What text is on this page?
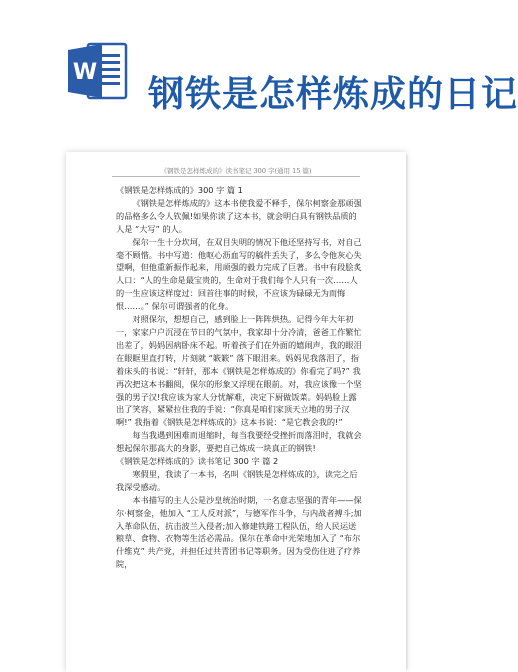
W
钢铁是怎样炼成的日记
《钢铁是怎样炼成的》读书笔记 300 字(通用 15 篇)

《钢铁是怎样炼成的》300 字 篇 1

《钢铁是怎样炼成的》这本书使我爱不释手，保尔柯察金那顽强的品格多么令人钦佩!如果你读了这本书，就会明白具有钢铁品质的人是 “大写” 的人。

保尔一生十分坎坷，在双目失明的情况下他还坚持写书，对自己毫不顾惜。书中写道：他呕心沥血写的稿件丢失了，多么令他灰心失望啊，但他重新振作起来，用顽强的毅力完成了巨著。书中有段脍炙人口：“人的生命是最宝贵的，生命对于我们每个人只有一次……人的一生应该这样度过：回首往事的时候，不应该为碌碌无为而悔恨……。” 保尔可谓强者的化身。

对照保尔，想想自己，感到脸上一阵阵烘热。记得今年大年初一，家家户户沉浸在节日的气氛中，我家却十分冷清，爸爸工作繁忙出差了，妈妈因病卧床不起。听着孩子们在外面的嬉闹声，我的眼泪在眼眶里直打转，片刻就 “簌簌” 落下眼泪来。妈妈见我落泪了，指着床头的书说：“轩轩，那本《钢铁是怎样炼成的》你看完了吗?” 我再次把这本书翻阅，保尔的形象又浮现在眼前。对，我应该像一个坚强的男子汉!我应该为家人分忧解难，决定下厨做饭菜。妈妈脸上露出了笑容，紧紧拉住我的手说：“你真是咱们家顶天立地的男子汉啊!” 我指着《钢铁是怎样炼成的》这本书说：“是它教会我的!”

每当我遇到困难而退缩时，每当我要经受挫折而落泪时，我就会想起保尔那高大的身影，要把自己炼成一块真正的钢铁!

《钢铁是怎样炼成的》读书笔记 300 字 篇 2

寒假里，我读了一本书，名叫《钢铁是怎样炼成的》，读完之后我深受感动。

本书描写的主人公是沙皇统治时期，一名意志坚强的青年——保尔·柯察金，他加入 “工人反对派”，与德军作斗争，与内战者搏斗;加入革命队伍，抗击波兰入侵者;加入修建铁路工程队伍，给人民运送粮草、食物、衣物等生活必需品。保尔在革命中光荣地加入了 “布尔什维克” 共产党，并担任过共青团书记等职务。因为受伤住进了疗养院，
